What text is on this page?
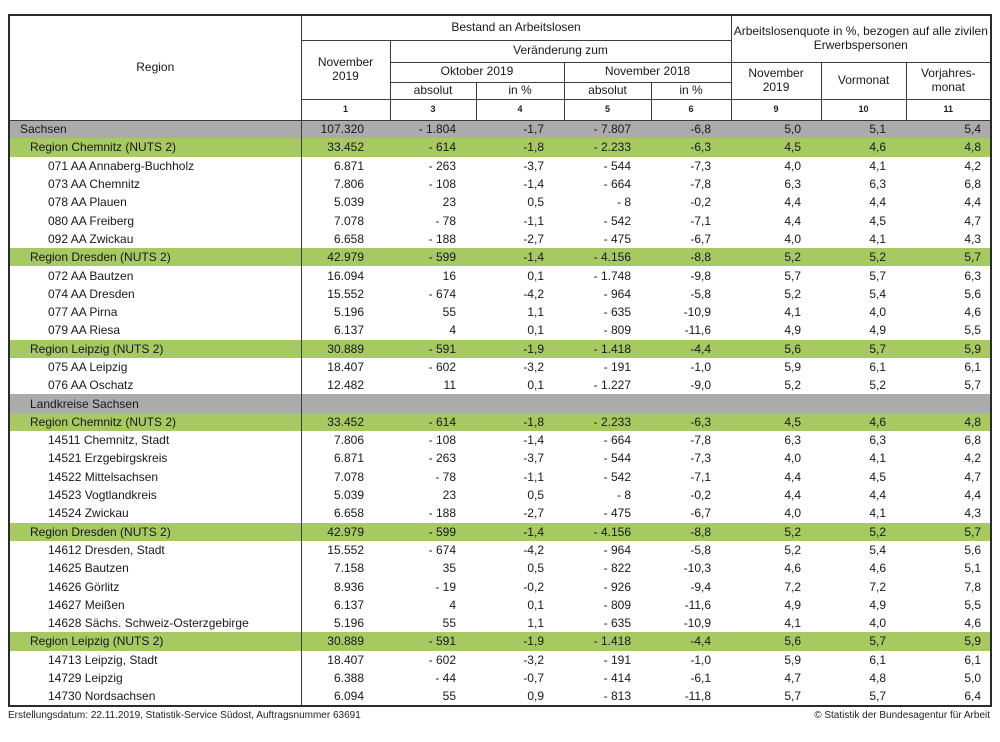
Region	Bestand an Arbeitslosen					Arbeitslosenquote in %, bezogen auf alle zivilen Erwerbspersonen		
	November 2019	Veränderung zum						
		Oktober 2019		November 2018		November 2019	Vormonat	Vorjahres-monat
		absolut	in %	absolut	in %			
	1	3	4	5	6	9	10	11
Sachsen	107.320	- 1.804	-1,7	- 7.807	-6,8	5,0	5,1	5,4
Region Chemnitz (NUTS 2)	33.452	- 614	-1,8	- 2.233	-6,3	4,5	4,6	4,8
071 AA Annaberg-Buchholz	6.871	- 263	-3,7	- 544	-7,3	4,0	4,1	4,2
073 AA Chemnitz	7.806	- 108	-1,4	- 664	-7,8	6,3	6,3	6,8
078 AA Plauen	5.039	23	0,5	- 8	-0,2	4,4	4,4	4,4
080 AA Freiberg	7.078	- 78	-1,1	- 542	-7,1	4,4	4,5	4,7
092 AA Zwickau	6.658	- 188	-2,7	- 475	-6,7	4,0	4,1	4,3
Region Dresden (NUTS 2)	42.979	- 599	-1,4	- 4.156	-8,8	5,2	5,2	5,7
072 AA Bautzen	16.094	16	0,1	- 1.748	-9,8	5,7	5,7	6,3
074 AA Dresden	15.552	- 674	-4,2	- 964	-5,8	5,2	5,4	5,6
077 AA Pirna	5.196	55	1,1	- 635	-10,9	4,1	4,0	4,6
079 AA Riesa	6.137	4	0,1	- 809	-11,6	4,9	4,9	5,5
Region Leipzig (NUTS 2)	30.889	- 591	-1,9	- 1.418	-4,4	5,6	5,7	5,9
075 AA Leipzig	18.407	- 602	-3,2	- 191	-1,0	5,9	6,1	6,1
076 AA Oschatz	12.482	11	0,1	- 1.227	-9,0	5,2	5,2	5,7
Landkreise Sachsen								
Region Chemnitz (NUTS 2)	33.452	- 614	-1,8	- 2.233	-6,3	4,5	4,6	4,8
14511 Chemnitz, Stadt	7.806	- 108	-1,4	- 664	-7,8	6,3	6,3	6,8
14521 Erzgebirgskreis	6.871	- 263	-3,7	- 544	-7,3	4,0	4,1	4,2
14522 Mittelsachsen	7.078	- 78	-1,1	- 542	-7,1	4,4	4,5	4,7
14523 Vogtlandkreis	5.039	23	0,5	- 8	-0,2	4,4	4,4	4,4
14524 Zwickau	6.658	- 188	-2,7	- 475	-6,7	4,0	4,1	4,3
Region Dresden (NUTS 2)	42.979	- 599	-1,4	- 4.156	-8,8	5,2	5,2	5,7
14612 Dresden, Stadt	15.552	- 674	-4,2	- 964	-5,8	5,2	5,4	5,6
14625 Bautzen	7.158	35	0,5	- 822	-10,3	4,6	4,6	5,1
14626 Görlitz	8.936	- 19	-0,2	- 926	-9,4	7,2	7,2	7,8
14627 Meißen	6.137	4	0,1	- 809	-11,6	4,9	4,9	5,5
14628 Sächs. Schweiz-Osterzgebirge	5.196	55	1,1	- 635	-10,9	4,1	4,0	4,6
Region Leipzig (NUTS 2)	30.889	- 591	-1,9	- 1.418	-4,4	5,6	5,7	5,9
14713 Leipzig, Stadt	18.407	- 602	-3,2	- 191	-1,0	5,9	6,1	6,1
14729 Leipzig	6.388	- 44	-0,7	- 414	-6,1	4,7	4,8	5,0
14730 Nordsachsen	6.094	55	0,9	- 813	-11,8	5,7	5,7	6,4
Erstellungsdatum: 22.11.2019, Statistik-Service Südost, Auftragsnummer 63691	© Statistik der Bundesagentur für Arbeit
